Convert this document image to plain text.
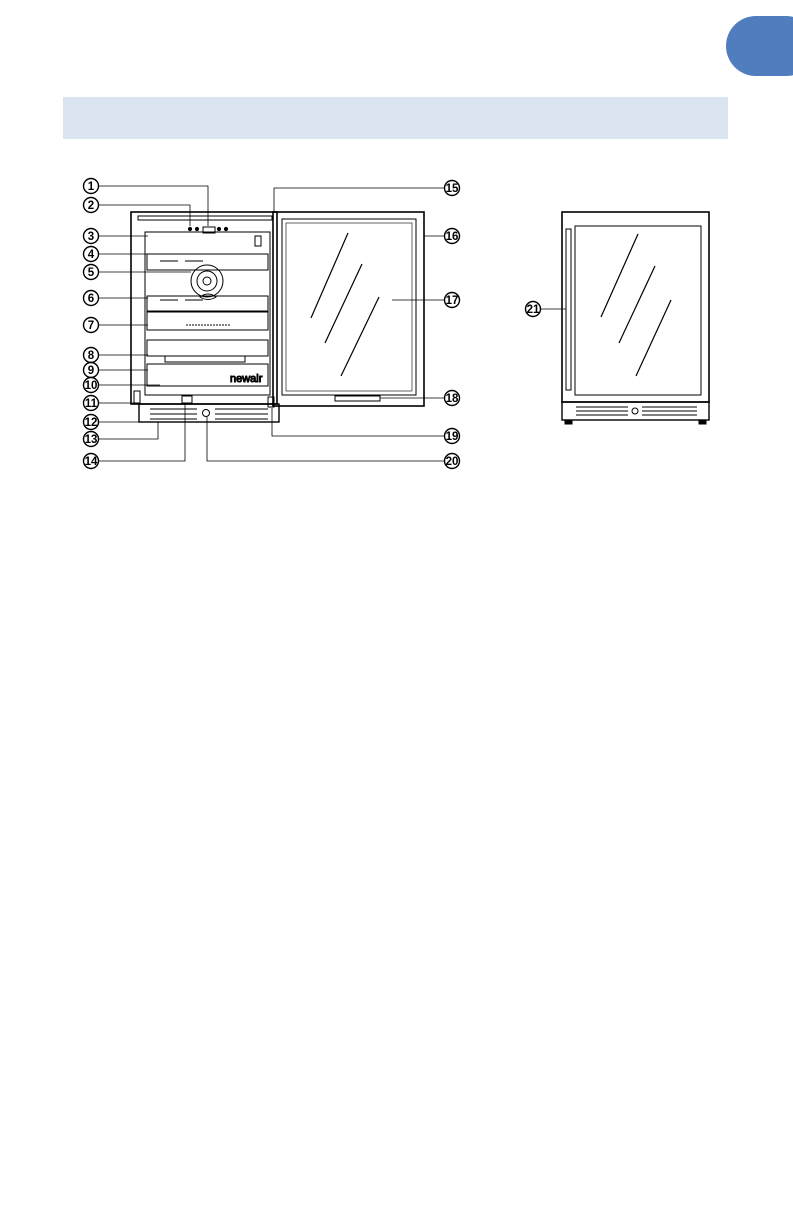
newair
1
2
3
4
5
6
7
8
9
10
11
12
13
14
15
16
17
18
19
20
21
